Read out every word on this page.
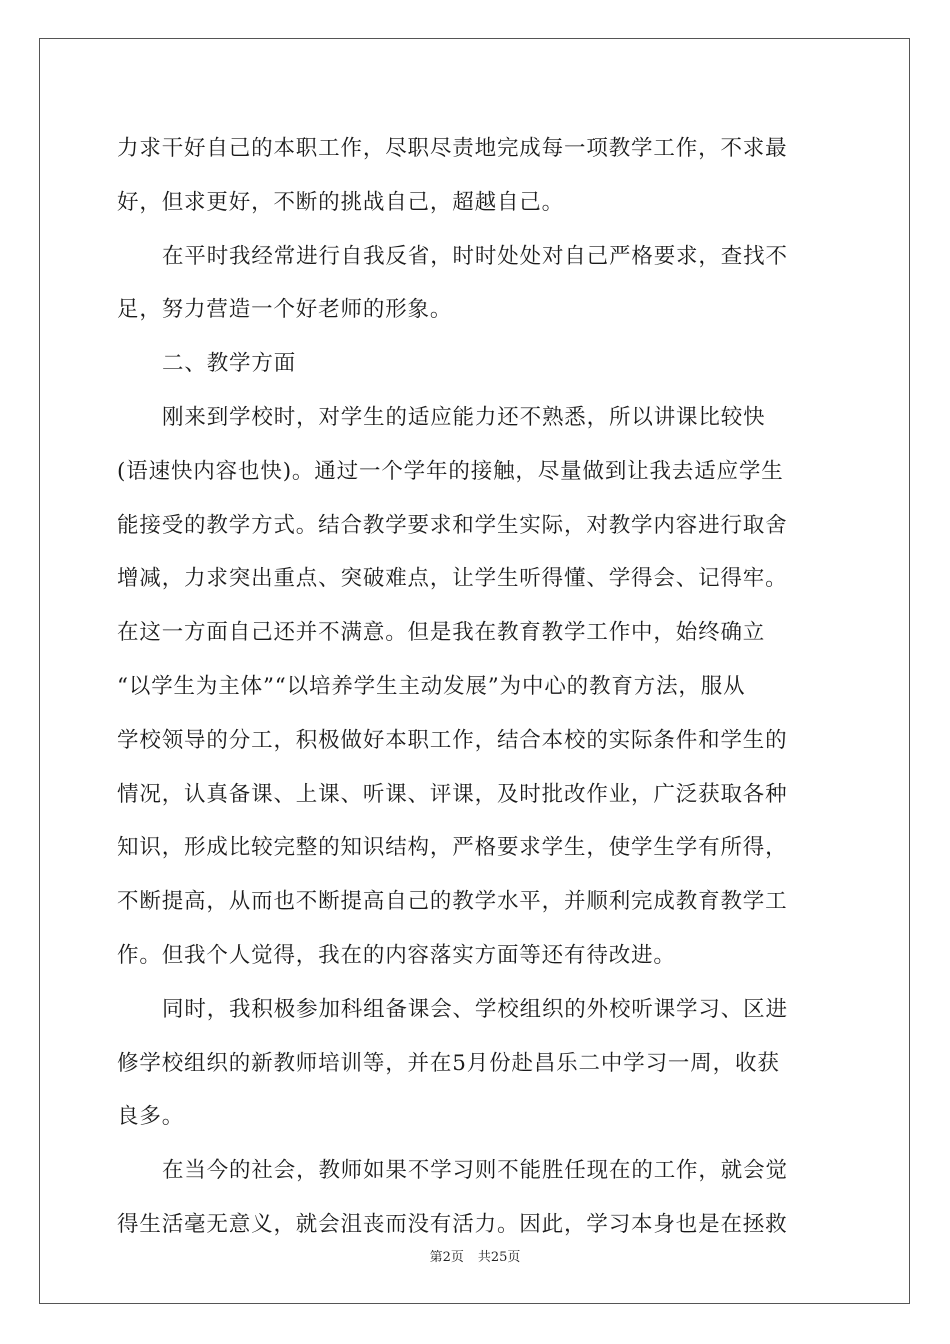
力求干好自己的本职工作，尽职尽责地完成每一项教学工作，不求最
好，但求更好，不断的挑战自己，超越自己。
在平时我经常进行自我反省，时时处处对自己严格要求，查找不
足，努力营造一个好老师的形象。
二、教学方面
刚来到学校时，对学生的适应能力还不熟悉，所以讲课比较快
(语速快内容也快)。通过一个学年的接触，尽量做到让我去适应学生
能接受的教学方式。结合教学要求和学生实际，对教学内容进行取舍
增减，力求突出重点、突破难点，让学生听得懂、学得会、记得牢。
在这一方面自己还并不满意。但是我在教育教学工作中，始终确立
“以学生为主体”“以培养学生主动发展”为中心的教育方法，服从
学校领导的分工，积极做好本职工作，结合本校的实际条件和学生的
情况，认真备课、上课、听课、评课，及时批改作业，广泛获取各种
知识，形成比较完整的知识结构，严格要求学生，使学生学有所得，
不断提高，从而也不断提高自己的教学水平，并顺利完成教育教学工
作。但我个人觉得，我在的内容落实方面等还有待改进。
同时，我积极参加科组备课会、学校组织的外校听课学习、区进
修学校组织的新教师培训等，并在5月份赴昌乐二中学习一周，收获
良多。
在当今的社会，教师如果不学习则不能胜任现在的工作，就会觉
得生活毫无意义，就会沮丧而没有活力。因此，学习本身也是在拯救
第2页 共25页
